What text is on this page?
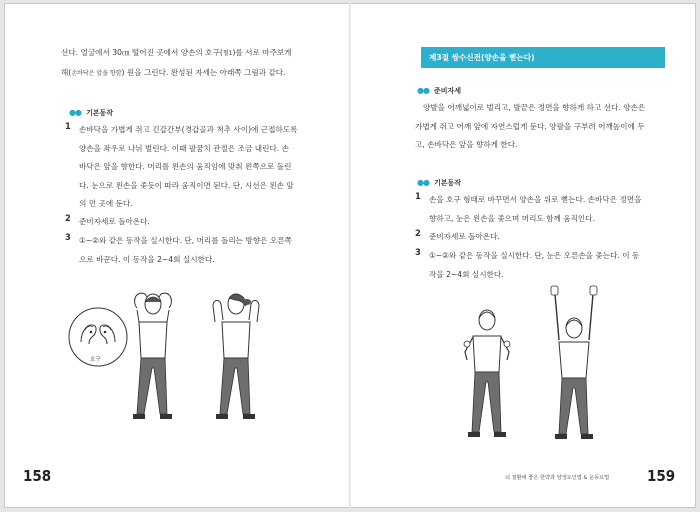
선다. 얼굴에서 30㎝ 떨어진 곳에서 양손의 호구(혈1)를 서로 마주보게
해(손바닥은 앞을 향함) 원을 그린다. 완성된 자세는 아래쪽 그림과 같다.
●● 기본동작
1 손바닥을 가볍게 쥐고 긴갑간부(경갑골과 척추 사이)에 근접하도록
양손을 좌우로 나뉘 벌린다. 이때 팔꿈치 관절은 조금 내린다. 손
바닥은 앞을 향한다. 머리를 왼손의 움직임에 맞춰 왼쪽으로 돌린
다. 눈으로 왼손을 좇듯이 따라 움직이면 된다. 단, 시선은 왼손 앞
의 먼 곳에 둔다.
2 준비자세로 돌아온다.
3 ①~②와 같은 동작을 실시한다. 단, 머리를 돌리는 방향은 오른쪽
으로 바꾼다. 이 동작을 2~4회 실시한다.
호구
158
제3절 쌍수신전(양손을 뻗는다)
●● 준비자세
양발을 어깨넓이로 벌리고, 발끝은 정면을 향하게 하고 선다. 양손은
가볍게 쥐고 어깨 앞에 자연스럽게 둔다. 양팔을 구부려 어깨높이에 두
고, 손바닥은 앞을 향하게 한다.
●● 기본동작
1 손을 호구 형태로 바꾸면서 양손을 위로 뻗는다. 손바닥은 정면을
향하고, 눈은 왼손을 좇으며 머리도 함께 움직인다.
2 준비자세로 돌아온다.
3 ①~②와 같은 동작을 실시한다. 단, 눈은 오른손을 좇는다. 이 동
작을 2~4회 실시한다.
뇌 질환에 좋은 한약과 양생도인법 & 운동요법	159
